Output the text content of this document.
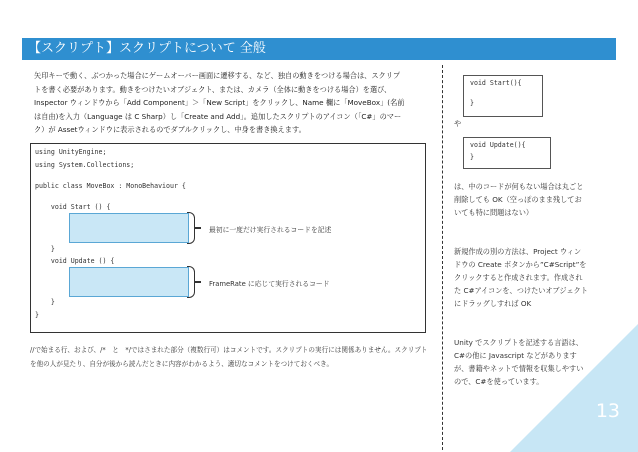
【スクリプト】スクリプトについて 全般

矢印キーで動く、ぶつかった場合にゲームオーバー画面に遷移する、など、独自の動きをつける場合は、スクリプ

トを書く必要があります。動きをつけたいオブジェクト、または、カメラ（全体に動きをつける場合）を選び、

Inspector ウィンドウから「Add Component」＞「New Script」をクリックし、Name 欄に「MoveBox」(名前

は自由)を入力（Language は C Sharp）し「Create and Add」。追加したスクリプトのアイコン（「C#」のマー

ク）が Assetウィンドウに表示されるのでダブルクリックし、中身を書き換えます。

using UnityEngine;
using System.Collections;
public class MoveBox : MonoBehaviour {
void Start () {
最初に一度だけ実行されるコードを記述
}
void Update () {
FrameRate に応じて実行されるコード
}
}

//で始まる行、および、/*　と　*/ではさまれた部分（複数行可）はコメントです。スクリプトの実行には関係ありません。スクリプト

を他の人が見たり、自分が後から読んだときに内容がわかるよう、適切なコメントをつけておくべき。

void Start(){
}
や
void Update(){
}

は、中のコードが何もない場合は丸ごと

削除しても OK（空っぽのまま残してお

いても特に問題はない）

新規作成の別の方法は、Project ウィン

ドウの Create ボタンから”C#Script”を

クリックすると作成されます。作成され

た C#アイコンを、つけたいオブジェクト

にドラッグしすれば OK

Unity でスクリプトを記述する言語は、

C#の他に Javascript などがあります

が、書籍やネットで情報を収集しやすい

ので、C#を使っています。

13
